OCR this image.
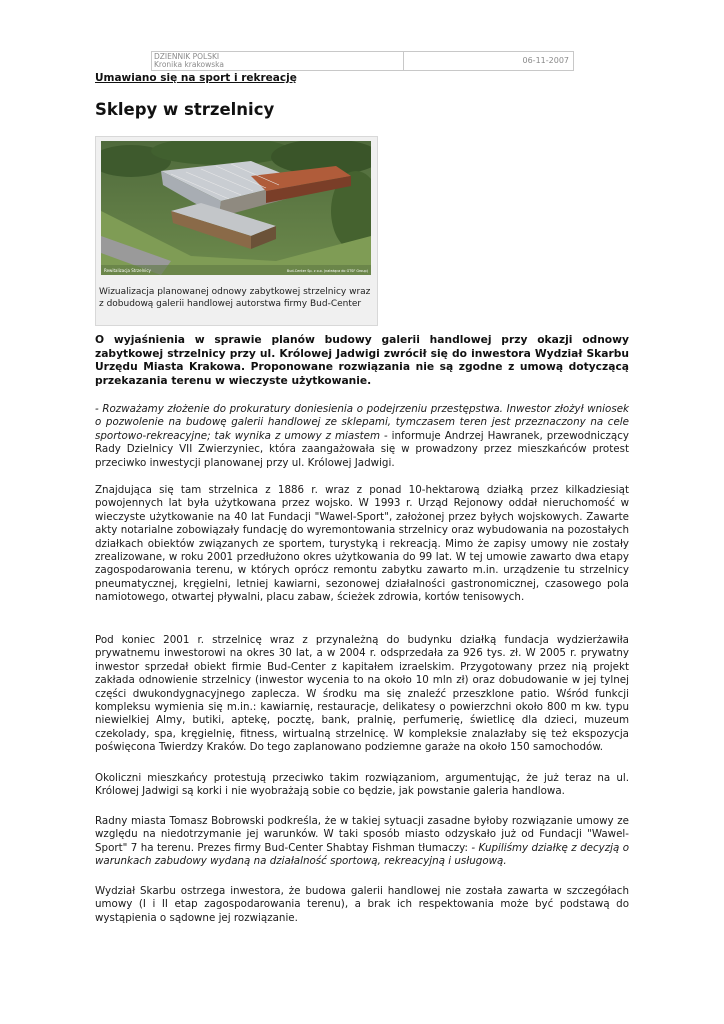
DZIENNIK POLSKI
Kronika krakowska	06-11-2007
Umawiano się na sport i rekreację
Sklepy w strzelnicy
Rewitalizacja Strzelnicy	Bud-Center Sp. z o.o. (należąca do GTSF Group)
Wizualizacja planowanej odnowy zabytkowej strzelnicy wraz z dobudową galerii handlowej autorstwa firmy Bud-Center
O wyjaśnienia w sprawie planów budowy galerii handlowej przy okazji odnowy zabytkowej strzelnicy przy ul. Królowej Jadwigi zwrócił się do inwestora Wydział Skarbu Urzędu Miasta Krakowa. Proponowane rozwiązania nie są zgodne z umową dotyczącą przekazania terenu w wieczyste użytkowanie.
- Rozważamy złożenie do prokuratury doniesienia o podejrzeniu przestępstwa. Inwestor złożył wniosek o pozwolenie na budowę galerii handlowej ze sklepami, tymczasem teren jest przeznaczony na cele sportowo-rekreacyjne; tak wynika z umowy z miastem - informuje Andrzej Hawranek, przewodniczący Rady Dzielnicy VII Zwierzyniec, która zaangażowała się w prowadzony przez mieszkańców protest przeciwko inwestycji planowanej przy ul. Królowej Jadwigi.
Znajdująca się tam strzelnica z 1886 r. wraz z ponad 10-hektarową działką przez kilkadziesiąt powojennych lat była użytkowana przez wojsko. W 1993 r. Urząd Rejonowy oddał nieruchomość w wieczyste użytkowanie na 40 lat Fundacji "Wawel-Sport", założonej przez byłych wojskowych. Zawarte akty notarialne zobowiązały fundację do wyremontowania strzelnicy oraz wybudowania na pozostałych działkach obiektów związanych ze sportem, turystyką i rekreacją. Mimo że zapisy umowy nie zostały zrealizowane, w roku 2001 przedłużono okres użytkowania do 99 lat. W tej umowie zawarto dwa etapy zagospodarowania terenu, w których oprócz remontu zabytku zawarto m.in. urządzenie tu strzelnicy pneumatycznej, kręgielni, letniej kawiarni, sezonowej działalności gastronomicznej, czasowego pola namiotowego, otwartej pływalni, placu zabaw, ścieżek zdrowia, kortów tenisowych.
Pod koniec 2001 r. strzelnicę wraz z przynależną do budynku działką fundacja wydzierżawiła prywatnemu inwestorowi na okres 30 lat, a w 2004 r. odsprzedała za 926 tys. zł. W 2005 r. prywatny inwestor sprzedał obiekt firmie Bud-Center z kapitałem izraelskim. Przygotowany przez nią projekt zakłada odnowienie strzelnicy (inwestor wycenia to na około 10 mln zł) oraz dobudowanie w jej tylnej części dwukondygnacyjnego zaplecza. W środku ma się znaleźć przeszklone patio. Wśród funkcji kompleksu wymienia się m.in.: kawiarnię, restauracje, delikatesy o powierzchni około 800 m kw. typu niewielkiej Almy, butiki, aptekę, pocztę, bank, pralnię, perfumerię, świetlicę dla dzieci, muzeum czekolady, spa, kręgielnię, fitness, wirtualną strzelnicę. W kompleksie znalazłaby się też ekspozycja poświęcona Twierdzy Kraków. Do tego zaplanowano podziemne garaże na około 150 samochodów.
Okoliczni mieszkańcy protestują przeciwko takim rozwiązaniom, argumentując, że już teraz na ul. Królowej Jadwigi są korki i nie wyobrażają sobie co będzie, jak powstanie galeria handlowa.
Radny miasta Tomasz Bobrowski podkreśla, że w takiej sytuacji zasadne byłoby rozwiązanie umowy ze względu na niedotrzymanie jej warunków. W taki sposób miasto odzyskało już od Fundacji "Wawel-Sport" 7 ha terenu. Prezes firmy Bud-Center Shabtay Fishman tłumaczy: - Kupiliśmy działkę z decyzją o warunkach zabudowy wydaną na działalność sportową, rekreacyjną i usługową.
Wydział Skarbu ostrzega inwestora, że budowa galerii handlowej nie została zawarta w szczegółach umowy (I i II etap zagospodarowania terenu), a brak ich respektowania może być podstawą do wystąpienia o sądowne jej rozwiązanie.
